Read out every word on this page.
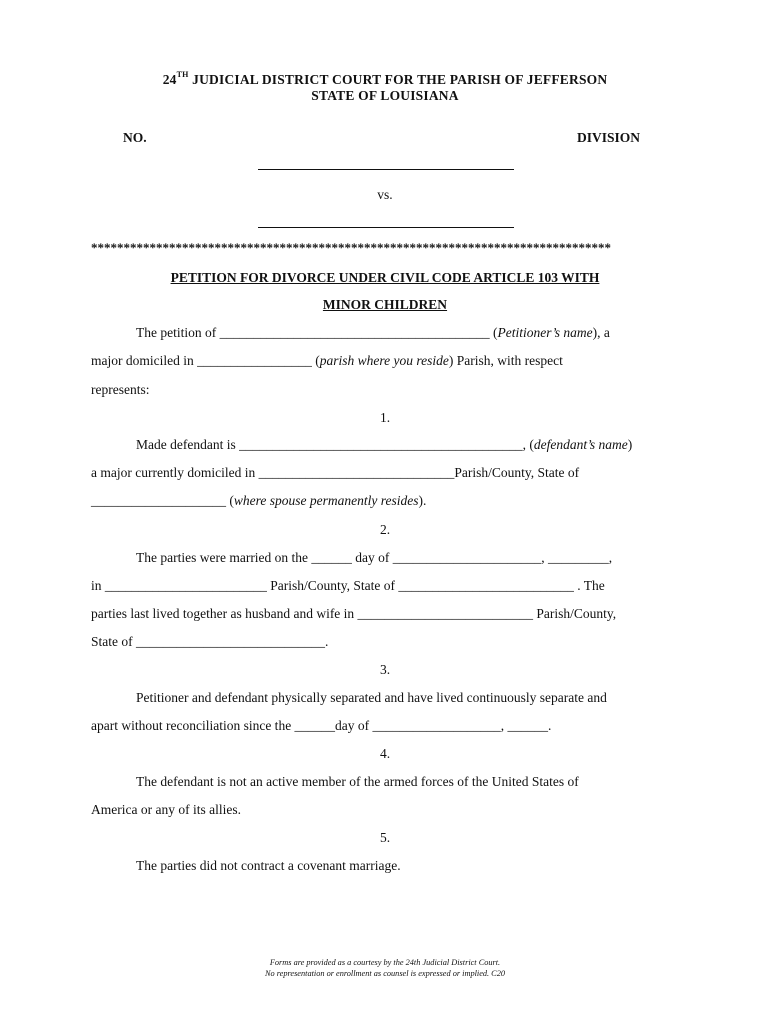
24TH JUDICIAL DISTRICT COURT FOR THE PARISH OF JEFFERSON
STATE OF LOUISIANA
NO.	DIVISION
vs.
********************************************************************************
PETITION FOR DIVORCE UNDER CIVIL CODE ARTICLE 103 WITH
MINOR CHILDREN
The petition of ________________________________________ (Petitioner’s name), a
major domiciled in _________________ (parish where you reside) Parish, with respect
represents:
1.
Made defendant is __________________________________________, (defendant’s name)
a major currently domiciled in _____________________________Parish/County, State of
____________________ (where spouse permanently resides).
2.
The parties were married on the ______ day of ______________________, _________,
in ________________________ Parish/County, State of __________________________ . The
parties last lived together as husband and wife in __________________________ Parish/County,
State of ____________________________.
3.
Petitioner and defendant physically separated and have lived continuously separate and
apart without reconciliation since the ______day of ___________________, ______.
4.
The defendant is not an active member of the armed forces of the United States of
America or any of its allies.
5.
The parties did not contract a covenant marriage.
Forms are provided as a courtesy by the 24th Judicial District Court.
No representation or enrollment as counsel is expressed or implied. C20
